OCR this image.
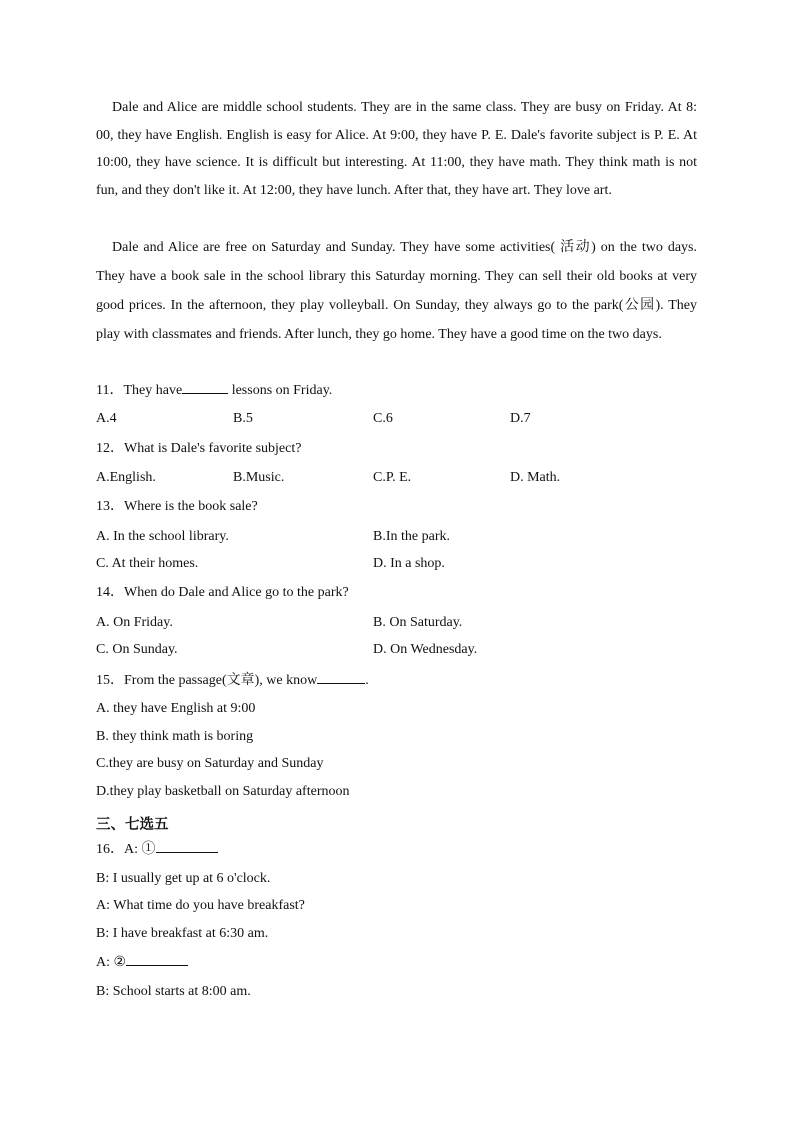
Dale and Alice are middle school students. They are in the same class. They are busy on Friday. At 8: 00, they have English. English is easy for Alice. At 9:00, they have P. E. Dale's favorite subject is P. E. At 10:00, they have science. It is difficult but interesting. At 11:00, they have math. They think math is not fun, and they don't like it. At 12:00, they have lunch. After that, they have art. They love art.

Dale and Alice are free on Saturday and Sunday. They have some activities( 活动) on the two days. They have a book sale in the school library this Saturday morning. They can sell their old books at very good prices. In the afternoon, they play volleyball. On Sunday, they always go to the park(公园). They play with classmates and friends. After lunch, they go home. They have a good time on the two days.

11．They have	lessons on Friday.
A.4	B.5	C.6	D.7
12．What is Dale's favorite subject?
A.English.	B.Music.	C.P. E.	D. Math.
13．Where is the book sale?
A. In the school library.	B.In the park.
C. At their homes.	D. In a shop.
14．When do Dale and Alice go to the park?
A. On Friday.	B. On Saturday.
C. On Sunday.	D. On Wednesday.
15．From the passage(文章), we know	.
A. they have English at 9:00
B. they think math is boring
C.they are busy on Saturday and Sunday
D.they play basketball on Saturday afternoon
三、七选五
16．A: ①
B: I usually get up at 6 o'clock.
A: What time do you have breakfast?
B: I have breakfast at 6:30 am.
A: ②
B: School starts at 8:00 am.
